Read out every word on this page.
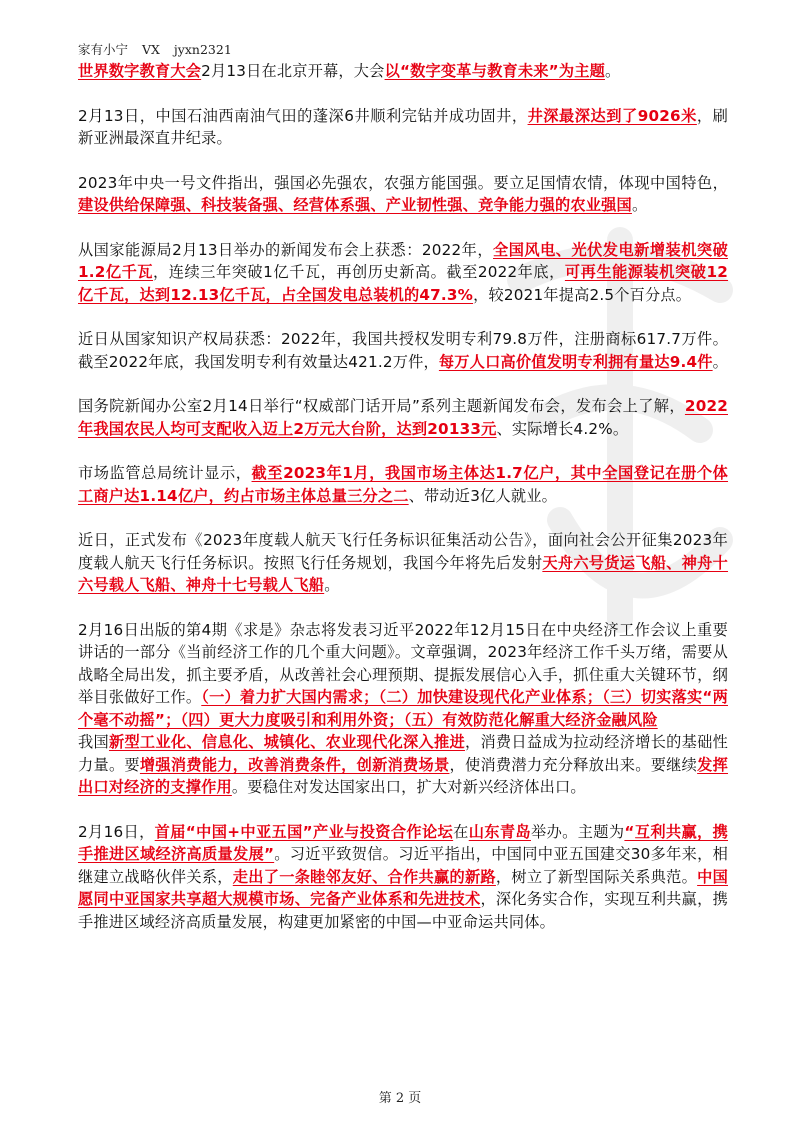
家有小宁 VX jyxn2321

世界数字教育大会2月13日在北京开幕，大会以“数字变革与教育未来”为主题。

2月13日，中国石油西南油气田的蓬深6井顺利完钻并成功固井，井深最深达到了9026米，刷新亚洲最深直井纪录。

2023年中央一号文件指出，强国必先强农，农强方能国强。要立足国情农情，体现中国特色，建设供给保障强、科技装备强、经营体系强、产业韧性强、竞争能力强的农业强国。

从国家能源局2月13日举办的新闻发布会上获悉：2022年，全国风电、光伏发电新增装机突破1.2亿千瓦，连续三年突破1亿千瓦，再创历史新高。截至2022年底，可再生能源装机突破12亿千瓦，达到12.13亿千瓦，占全国发电总装机的47.3%，较2021年提高2.5个百分点。

近日从国家知识产权局获悉：2022年，我国共授权发明专利79.8万件，注册商标617.7万件。截至2022年底，我国发明专利有效量达421.2万件，每万人口高价值发明专利拥有量达9.4件。

国务院新闻办公室2月14日举行“权威部门话开局”系列主题新闻发布会，发布会上了解，2022年我国农民人均可支配收入迈上2万元大台阶，达到20133元、实际增长4.2%。

市场监管总局统计显示，截至2023年1月，我国市场主体达1.7亿户，其中全国登记在册个体工商户达1.14亿户，约占市场主体总量三分之二、带动近3亿人就业。

近日，正式发布《2023年度载人航天飞行任务标识征集活动公告》，面向社会公开征集2023年度载人航天飞行任务标识。按照飞行任务规划，我国今年将先后发射天舟六号货运飞船、神舟十六号载人飞船、神舟十七号载人飞船。

2月16日出版的第4期《求是》杂志将发表习近平2022年12月15日在中央经济工作会议上重要讲话的一部分《当前经济工作的几个重大问题》。文章强调，2023年经济工作千头万绪，需要从战略全局出发，抓主要矛盾，从改善社会心理预期、提振发展信心入手，抓住重大关键环节，纲举目张做好工作。（一）着力扩大国内需求；（二）加快建设现代化产业体系；（三）切实落实“两个毫不动摇”；（四）更大力度吸引和利用外资；（五）有效防范化解重大经济金融风险

我国新型工业化、信息化、城镇化、农业现代化深入推进，消费日益成为拉动经济增长的基础性力量。要增强消费能力，改善消费条件，创新消费场景，使消费潜力充分释放出来。要继续发挥出口对经济的支撑作用。要稳住对发达国家出口，扩大对新兴经济体出口。

2月16日，首届“中国+中亚五国”产业与投资合作论坛在山东青岛举办。主题为“互利共赢，携手推进区域经济高质量发展”。习近平致贺信。习近平指出，中国同中亚五国建交30多年来，相继建立战略伙伴关系，走出了一条睦邻友好、合作共赢的新路，树立了新型国际关系典范。中国愿同中亚国家共享超大规模市场、完备产业体系和先进技术，深化务实合作，实现互利共赢，携手推进区域经济高质量发展，构建更加紧密的中国—中亚命运共同体。

第 2 页
